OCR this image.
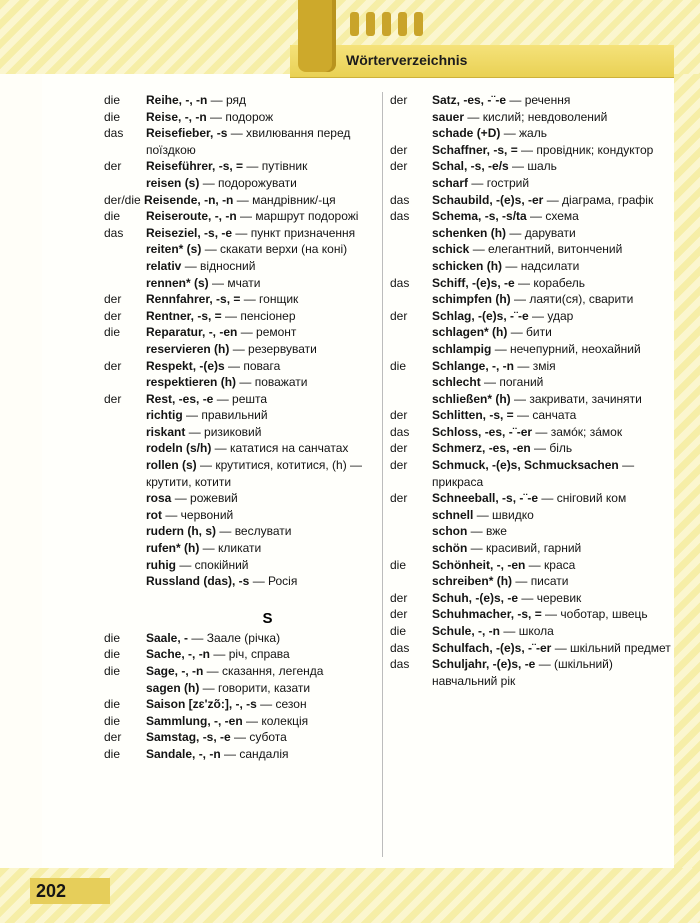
Wörterverzeichnis
die Reihe, -, -n — ряд
die Reise, -, -n — подорож
das Reisefieber, -s — хвилювання перед поїздкою
der Reiseführer, -s, = — путівник
reisen (s) — подорожувати
der/die Reisende, -n, -n — мандрівник/-ця
die Reiseroute, -, -n — маршрут подорожі
das Reiseziel, -s, -e — пункт призначення
reiten* (s) — скакати верхи (на коні)
relativ — відносний
rennen* (s) — мчати
der Rennfahrer, -s, = — гонщик
der Rentner, -s, = — пенсіонер
die Reparatur, -, -en — ремонт
reservieren (h) — резервувати
der Respekt, -(e)s — повага
respektieren (h) — поважати
der Rest, -es, -e — решта
richtig — правильний
riskant — ризиковий
rodeln (s/h) — кататися на санчатах
rollen (s) — крутитися, котитися, (h) — крутити, котити
rosa — рожевий
rot — червоний
rudern (h, s) — веслувати
rufen* (h) — кликати
ruhig — спокійний
Russland (das), -s — Росія
S
die Saale, - — Заале (річка)
die Sache, -, -n — річ, справа
die Sage, -, -n — сказання, легенда
sagen (h) — говорити, казати
die Saison [zɛ'zõ:], -, -s — сезон
die Sammlung, -, -en — колекція
der Samstag, -s, -e — субота
die Sandale, -, -n — сандалія
der Satz, -es, -¨-e — речення
sauer — кислий; невдоволений
schade (+D) — жаль
der Schaffner, -s, = — провідник; кондуктор
der Schal, -s, -e/s — шаль
scharf — гострий
das Schaubild, -(e)s, -er — діаграма, графік
das Schema, -s, -s/ta — схема
schenken (h) — дарувати
schick — елегантний, витончений
schicken (h) — надсилати
das Schiff, -(e)s, -e — корабель
schimpfen (h) — лаяти(ся), сварити
der Schlag, -(e)s, -¨-e — удар
schlagen* (h) — бити
schlampig — нечепурний, неохайний
die Schlange, -, -n — змія
schlecht — поганий
schließen* (h) — закривати, зачиняти
der Schlitten, -s, = — санчата
das Schloss, -es, -¨-er — замóк; зáмок
der Schmerz, -es, -en — біль
der Schmuck, -(e)s, Schmucksachen — прикраса
der Schneeball, -s, -¨-e — сніговий ком
schnell — швидко
schon — вже
schön — красивий, гарний
die Schönheit, -, -en — краса
schreiben* (h) — писати
der Schuh, -(e)s, -e — черевик
der Schuhmacher, -s, = — чоботар, швець
die Schule, -, -n — школа
das Schulfach, -(e)s, -¨-er — шкільний предмет
das Schuljahr, -(e)s, -e — (шкільний) навчальний рік
202
